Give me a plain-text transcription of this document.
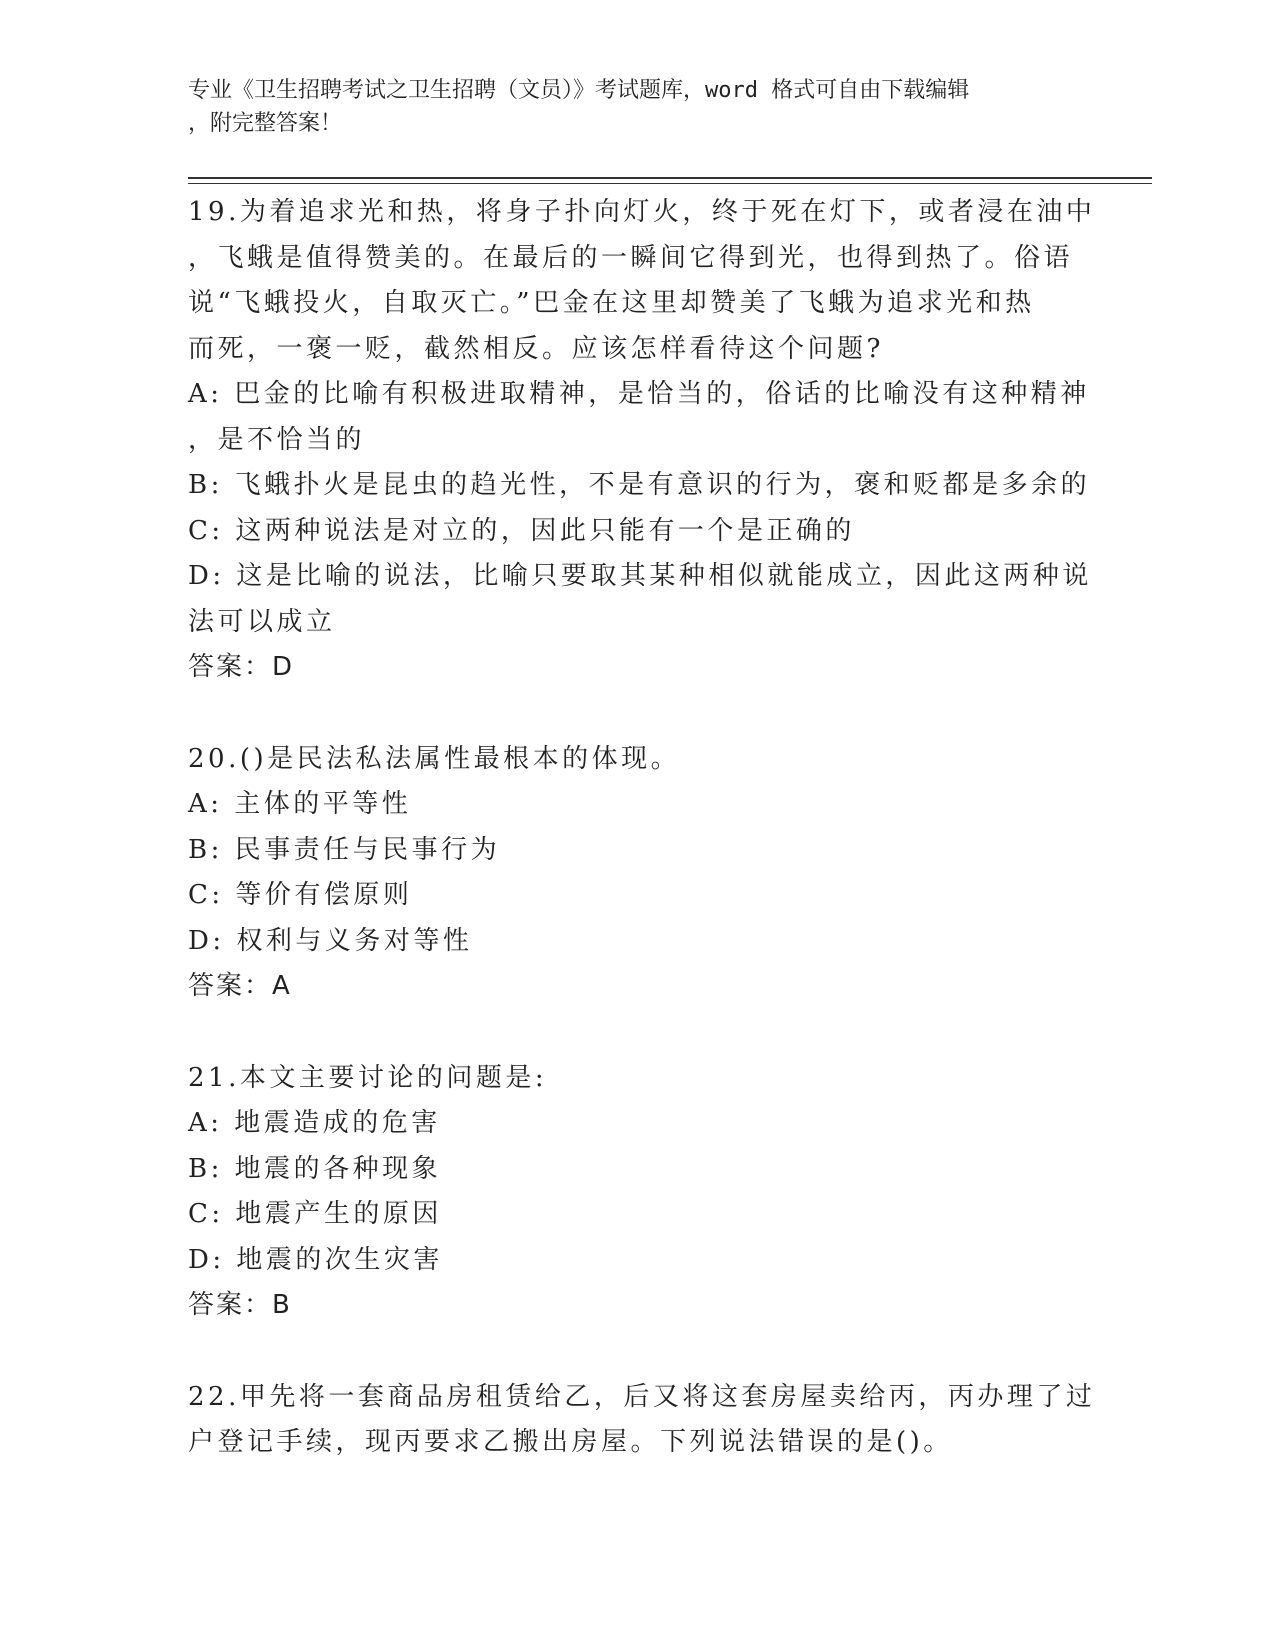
专业《卫生招聘考试之卫生招聘（文员）》考试题库，word 格式可自由下载编辑

，附完整答案！

19.为着追求光和热，将身子扑向灯火，终于死在灯下，或者浸在油中

，飞蛾是值得赞美的。在最后的一瞬间它得到光，也得到热了。俗语

说“飞蛾投火，自取灭亡。”巴金在这里却赞美了飞蛾为追求光和热

而死，一褒一贬，截然相反。应该怎样看待这个问题?

A: 巴金的比喻有积极进取精神，是恰当的，俗话的比喻没有这种精神

，是不恰当的

B: 飞蛾扑火是昆虫的趋光性，不是有意识的行为，褒和贬都是多余的

C: 这两种说法是对立的，因此只能有一个是正确的

D: 这是比喻的说法，比喻只要取其某种相似就能成立，因此这两种说

法可以成立

答案：D

20.()是民法私法属性最根本的体现。

A: 主体的平等性

B: 民事责任与民事行为

C: 等价有偿原则

D: 权利与义务对等性

答案：A

21.本文主要讨论的问题是:

A: 地震造成的危害

B: 地震的各种现象

C: 地震产生的原因

D: 地震的次生灾害

答案：B

22.甲先将一套商品房租赁给乙，后又将这套房屋卖给丙，丙办理了过

户登记手续，现丙要求乙搬出房屋。下列说法错误的是()。
